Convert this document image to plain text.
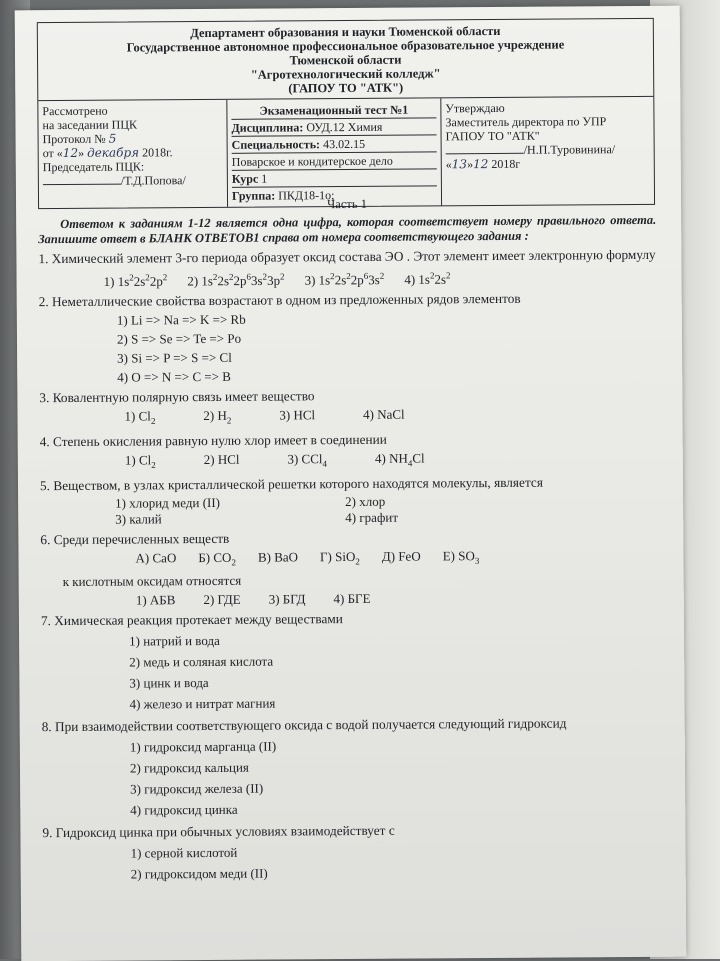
Департамент образования и науки Тюменской области
Государственное автономное профессиональное образовательное учреждение
Тюменской области
"Агротехнологический колледж"
(ГАПОУ ТО "АТК")
Рассмотрено
на заседании ПЦК
Протокол № 5
от «12» декабря 2018г.
Председатель ПЦК:
/Т.Д.Попова/
Экзаменационный тест №1
Дисциплина: ОУД.12 Химия
Специальность: 43.02.15
Поварское и кондитерское дело
Курс 1
Группа: ПКД18-1о;
Утверждаю
Заместитель директора по УПР
ГАПОУ ТО "АТК"
/Н.П.Туровинина/
«13»12 2018г
Часть 1
Ответом к заданиям 1-12 является одна цифра, которая соответствует номеру правильного ответа. Запишите ответ в БЛАНК ОТВЕТОВ1 справа от номера соответствующего задания :
1. Химический элемент 3-го периода образует оксид состава ЭО . Этот элемент имеет электронную формулу
1) $1s^22s^22p^2$ 2) $1s^22s^22p^63s^23p^2$ 3) $1s^22s^22p^63s^2$ 4) $1s^22s^2$
2. Неметаллические свойства возрастают в одном из предложенных рядов элементов
1) Li => Na => K => Rb
2) S => Se => Te => Po
3) Si => P => S => Cl
4) O => N => C => B
3. Ковалентную полярную связь имеет вещество
1) $Cl_2$	2) $H_2$	3) HCl	4) NaCl
4. Степень окисления равную нулю хлор имеет в соединении
1) $Cl_2$	2) HCl	3) CCl$_4$	4) $NH_4Cl$
5. Веществом, в узлах кристаллической решетки которого находятся молекулы, является
1) хлорид меди (II)	2) хлор
3) калий	4) графит
6. Среди перечисленных веществ
А) CaO Б) $CO_2$ В) BaO Г) SiO$_2$ Д) FeO Е) $SO_3$
к кислотным оксидам относятся
1) АБВ 2) ГДЕ 3) БГД 4) БГЕ
7. Химическая реакция протекает между веществами
1) натрий и вода
2) медь и соляная кислота
3) цинк и вода
4) железо и нитрат магния
8. При взаимодействии соответствующего оксида с водой получается следующий гидроксид
1) гидроксид марганца (II)
2) гидроксид кальция
3) гидроксид железа (II)
4) гидроксид цинка
9. Гидроксид цинка при обычных условиях взаимодействует с
1) серной кислотой
2) гидроксидом меди (II)
